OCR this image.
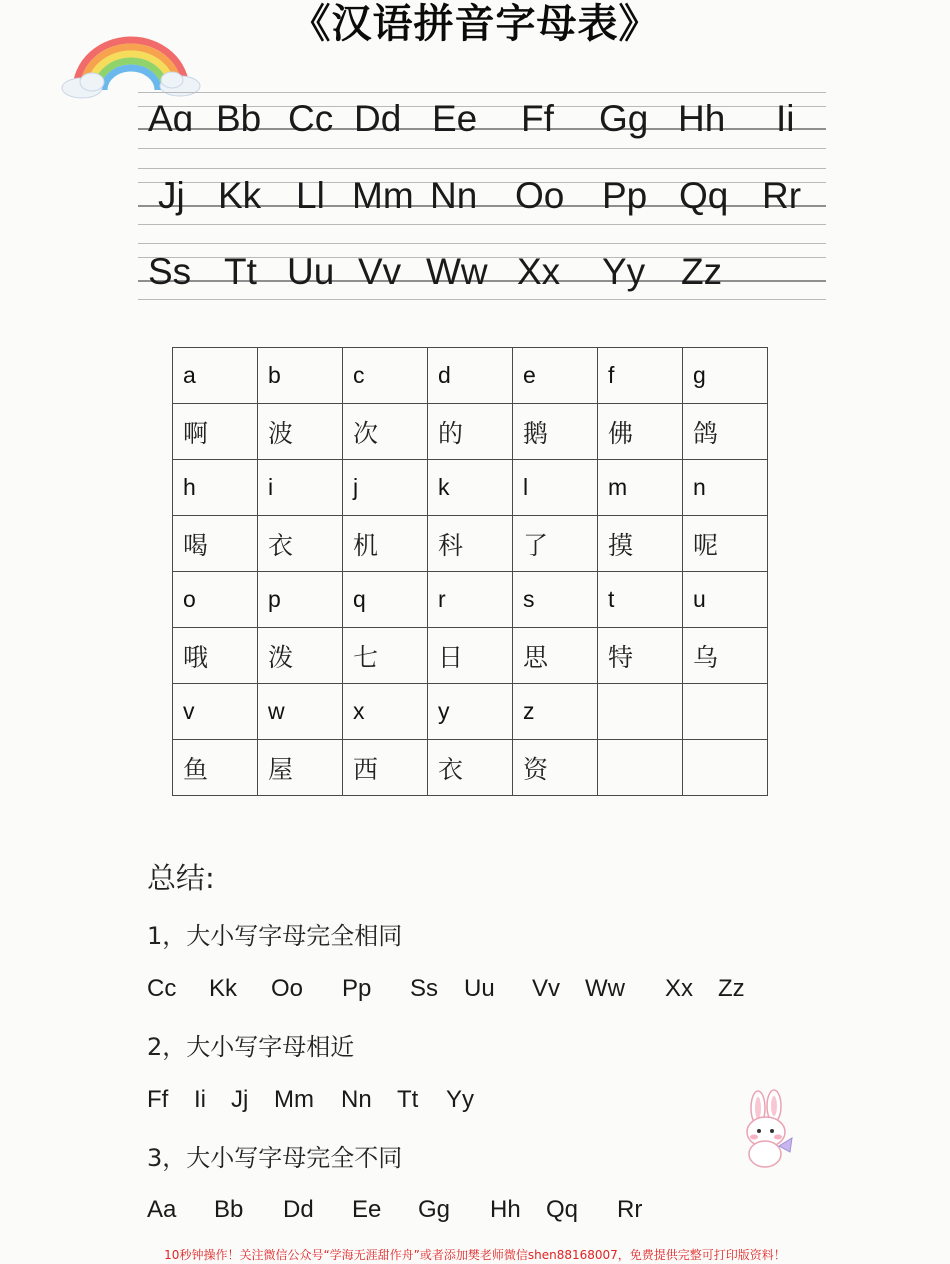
《汉语拼音字母表》
Aɑ Bb Cc Dd Ee Ff Gg Hh Ii
Jj Kk Ll Mm Nn Oo Pp Qq Rr
Ss Tt Uu Vv Ww Xx Yy Zz
a	b	c	d	e	f	g
啊	波	次	的	鹅	佛	鸽
h	i	j	k	l	m	n
喝	衣	机	科	了	摸	呢
o	p	q	r	s	t	u
哦	泼	七	日	思	特	乌
v	w	x	y	z		
鱼	屋	西	衣	资		
总结:
1，大小写字母完全相同
Cc Kk Oo Pp Ss Uu Vv Ww Xx Zz
2，大小写字母相近
Ff Ii Jj Mm Nn Tt Yy
3，大小写字母完全不同
Aa Bb Dd Ee Gg Hh Qq Rr
10秒钟操作！关注微信公众号“学海无涯甜作舟”或者添加樊老师微信shen88168007，免费提供完整可打印版资料！
